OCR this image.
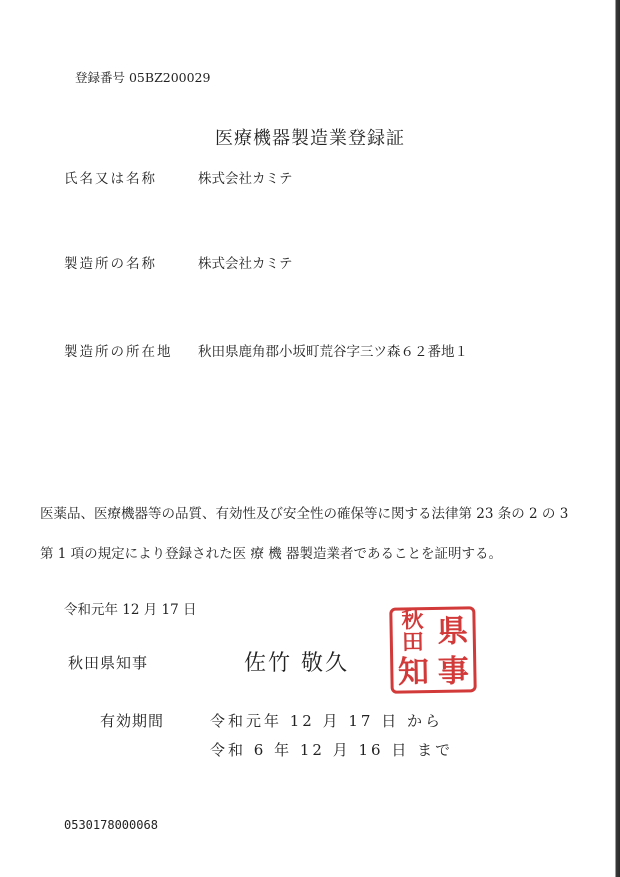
登録番号 05BZ200029
医療機器製造業登録証
氏名又は名称	株式会社カミテ
製造所の名称	株式会社カミテ
製造所の所在地 秋田県鹿角郡小坂町荒谷字三ツ森６２番地１
医薬品、医療機器等の品質、有効性及び安全性の確保等に関する法律第 23 条の 2 の 3
第 1 項の規定により登録された医 療 機 器製造業者であることを証明する。
令和元年 12 月 17 日
秋田県知事	佐竹 敬久
秋田 県
知 事
有効期間	令和元年 12 月 17 日 から
令和 6 年 12 月 16 日 まで
0530178000068
